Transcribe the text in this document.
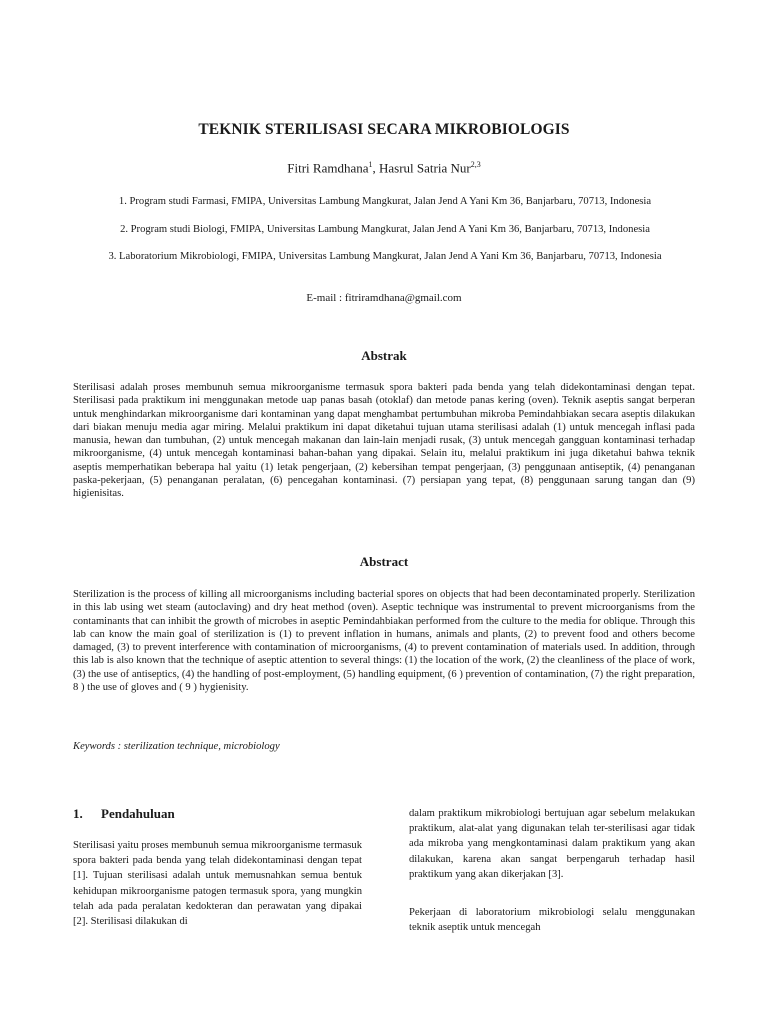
TEKNIK STERILISASI SECARA MIKROBIOLOGIS
Fitri Ramdhana$^1$, Hasrul Satria Nur$^{2,3}$
1. Program studi Farmasi, FMIPA, Universitas Lambung Mangkurat, Jalan Jend A Yani Km 36, Banjarbaru, 70713, Indonesia
2. Program studi Biologi, FMIPA, Universitas Lambung Mangkurat, Jalan Jend A Yani Km 36, Banjarbaru, 70713, Indonesia
3. Laboratorium Mikrobiologi, FMIPA, Universitas Lambung Mangkurat, Jalan Jend A Yani Km 36, Banjarbaru, 70713, Indonesia
E-mail : fitriramdhana@gmail.com
Abstrak

Sterilisasi adalah proses membunuh semua mikroorganisme termasuk spora bakteri pada benda yang telah didekontaminasi dengan tepat. Sterilisasi pada praktikum ini menggunakan metode uap panas basah (otoklaf) dan metode panas kering (oven). Teknik aseptis sangat berperan untuk menghindarkan mikroorganisme dari kontaminan yang dapat menghambat pertumbuhan mikroba Pemindahbiakan secara aseptis dilakukan dari biakan menuju media agar miring. Melalui praktikum ini dapat diketahui tujuan utama sterilisasi adalah (1) untuk mencegah inflasi pada manusia, hewan dan tumbuhan, (2) untuk mencegah makanan dan lain-lain menjadi rusak, (3) untuk mencegah gangguan kontaminasi terhadap mikroorganisme, (4) untuk mencegah kontaminasi bahan-bahan yang dipakai. Selain itu, melalui praktikum ini juga diketahui bahwa teknik aseptis memperhatikan beberapa hal yaitu (1) letak pengerjaan, (2) kebersihan tempat pengerjaan, (3) penggunaan antiseptik, (4) penanganan paska-pekerjaan, (5) penanganan peralatan, (6) pencegahan kontaminasi. (7) persiapan yang tepat, (8) penggunaan sarung tangan dan (9) higienisitas.

Abstract

Sterilization is the process of killing all microorganisms including bacterial spores on objects that had been decontaminated properly. Sterilization in this lab using wet steam (autoclaving) and dry heat method (oven). Aseptic technique was instrumental to prevent microorganisms from the contaminants that can inhibit the growth of microbes in aseptic Pemindahbiakan performed from the culture to the media for oblique. Through this lab can know the main goal of sterilization is (1) to prevent inflation in humans, animals and plants, (2) to prevent food and others become damaged, (3) to prevent interference with contamination of microorganisms, (4) to prevent contamination of materials used. In addition, through this lab is also known that the technique of aseptic attention to several things: (1) the location of the work, (2) the cleanliness of the place of work, (3) the use of antiseptics, (4) the handling of post-employment, (5) handling equipment, (6 ) prevention of contamination, (7) the right preparation, 8 ) the use of gloves and ( 9 ) hygienisity.

Keywords : sterilization technique, microbiology
1. Pendahuluan

Sterilisasi yaitu proses membunuh semua mikroorganisme termasuk spora bakteri pada benda yang telah didekontaminasi dengan tepat [1]. Tujuan sterilisasi adalah untuk memusnahkan semua bentuk kehidupan mikroorganisme patogen termasuk spora, yang mungkin telah ada pada peralatan kedokteran dan perawatan yang dipakai [2]. Sterilisasi dilakukan di

dalam praktikum mikrobiologi bertujuan agar sebelum melakukan praktikum, alat-alat yang digunakan telah ter-sterilisasi agar tidak ada mikroba yang mengkontaminasi dalam praktikum yang akan dilakukan, karena akan sangat berpengaruh terhadap hasil praktikum yang akan dikerjakan [3].

Pekerjaan di laboratorium mikrobiologi selalu menggunakan teknik aseptik untuk mencegah
